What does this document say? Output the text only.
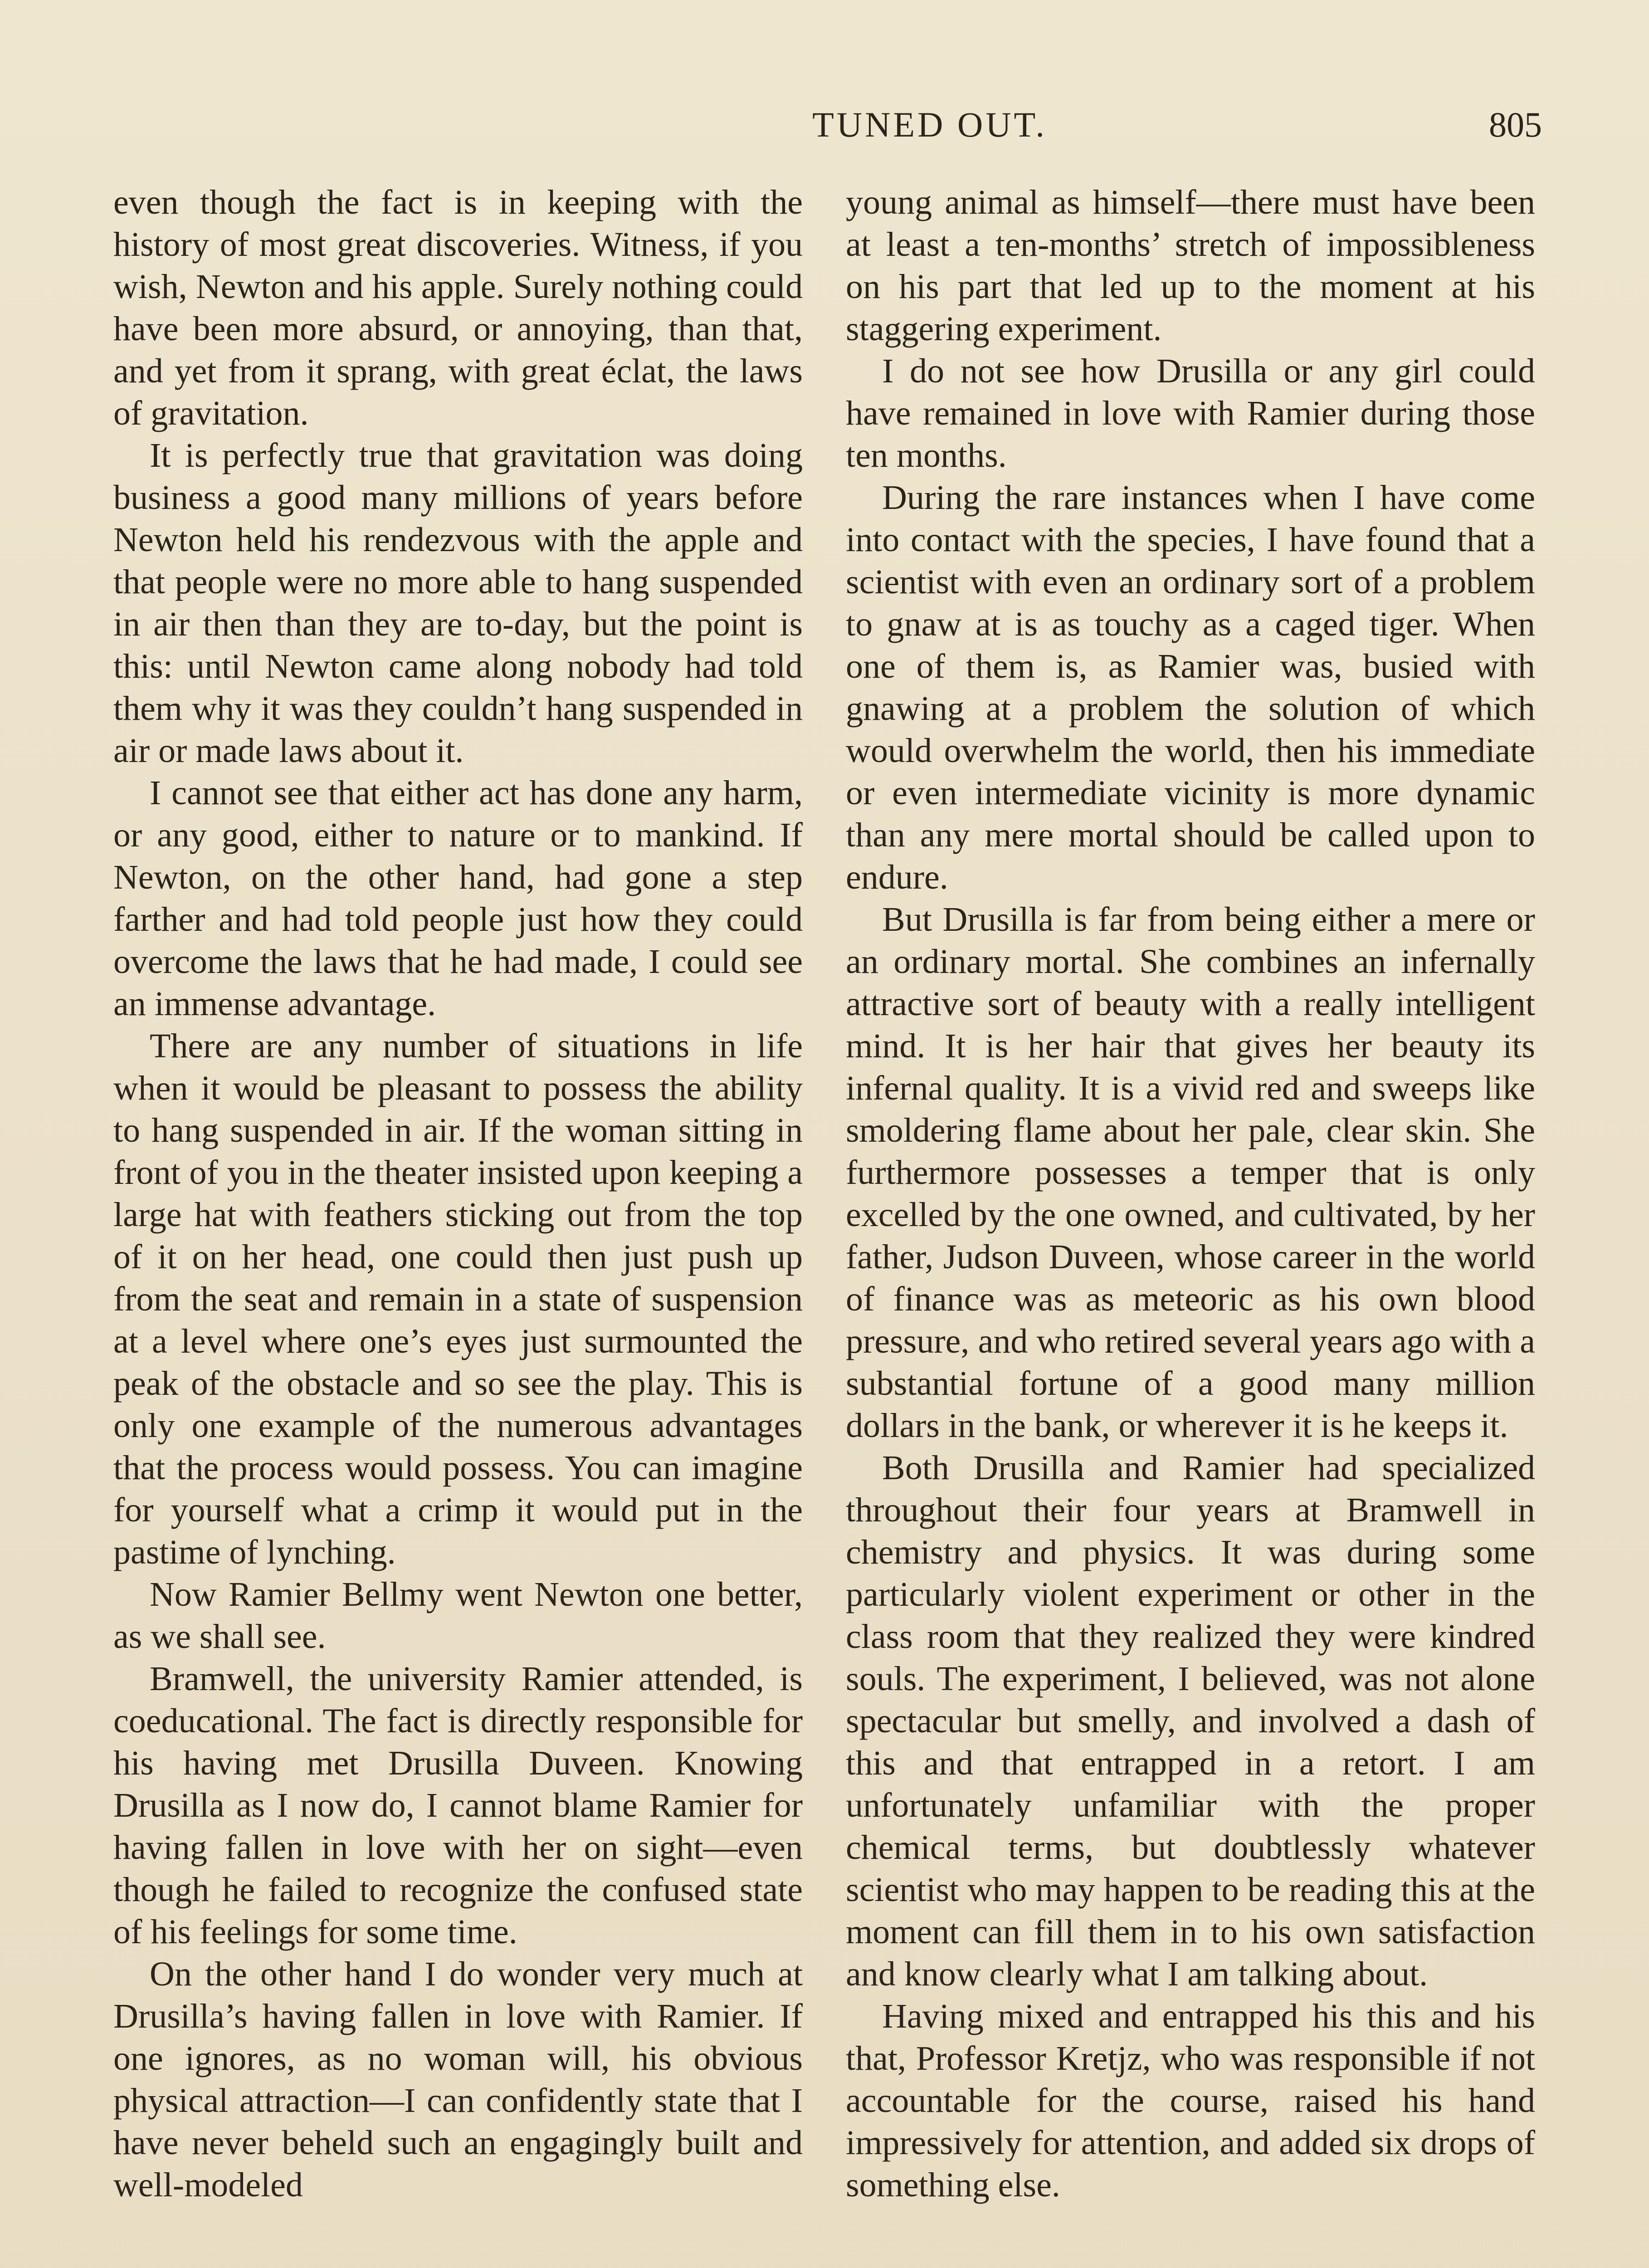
TUNED OUT.	805

even though the fact is in keeping with the history of most great discoveries. Witness, if you wish, Newton and his apple. Surely nothing could have been more absurd, or annoying, than that, and yet from it sprang, with great éclat, the laws of gravitation.

It is perfectly true that gravitation was doing business a good many millions of years before Newton held his rendezvous with the apple and that people were no more able to hang suspended in air then than they are to-day, but the point is this: until Newton came along nobody had told them why it was they couldn’t hang suspended in air or made laws about it.

I cannot see that either act has done any harm, or any good, either to nature or to mankind. If Newton, on the other hand, had gone a step farther and had told people just how they could overcome the laws that he had made, I could see an immense advantage.

There are any number of situations in life when it would be pleasant to possess the ability to hang suspended in air. If the woman sitting in front of you in the theater insisted upon keeping a large hat with feathers sticking out from the top of it on her head, one could then just push up from the seat and remain in a state of suspension at a level where one’s eyes just surmounted the peak of the obstacle and so see the play. This is only one example of the numerous advantages that the process would possess. You can imagine for yourself what a crimp it would put in the pastime of lynching.

Now Ramier Bellmy went Newton one better, as we shall see.

Bramwell, the university Ramier attended, is coeducational. The fact is directly responsible for his having met Drusilla Duveen. Knowing Drusilla as I now do, I cannot blame Ramier for having fallen in love with her on sight—even though he failed to recognize the confused state of his feelings for some time.

On the other hand I do wonder very much at Drusilla’s having fallen in love with Ramier. If one ignores, as no woman will, his obvious physical attraction—I can confidently state that I have never beheld such an engagingly built and well-modeled

young animal as himself—there must have been at least a ten-months’ stretch of impossibleness on his part that led up to the moment at his staggering experiment.

I do not see how Drusilla or any girl could have remained in love with Ramier during those ten months.

During the rare instances when I have come into contact with the species, I have found that a scientist with even an ordinary sort of a problem to gnaw at is as touchy as a caged tiger. When one of them is, as Ramier was, busied with gnawing at a problem the solution of which would overwhelm the world, then his immediate or even intermediate vicinity is more dynamic than any mere mortal should be called upon to endure.

But Drusilla is far from being either a mere or an ordinary mortal. She combines an infernally attractive sort of beauty with a really intelligent mind. It is her hair that gives her beauty its infernal quality. It is a vivid red and sweeps like smoldering flame about her pale, clear skin. She furthermore possesses a temper that is only excelled by the one owned, and cultivated, by her father, Judson Duveen, whose career in the world of finance was as meteoric as his own blood pressure, and who retired several years ago with a substantial fortune of a good many million dollars in the bank, or wherever it is he keeps it.

Both Drusilla and Ramier had specialized throughout their four years at Bramwell in chemistry and physics. It was during some particularly violent experiment or other in the class room that they realized they were kindred souls. The experiment, I believed, was not alone spectacular but smelly, and involved a dash of this and that entrapped in a retort. I am unfortunately unfamiliar with the proper chemical terms, but doubtlessly whatever scientist who may happen to be reading this at the moment can fill them in to his own satisfaction and know clearly what I am talking about.

Having mixed and entrapped his this and his that, Professor Kretjz, who was responsible if not accountable for the course, raised his hand impressively for attention, and added six drops of something else.
